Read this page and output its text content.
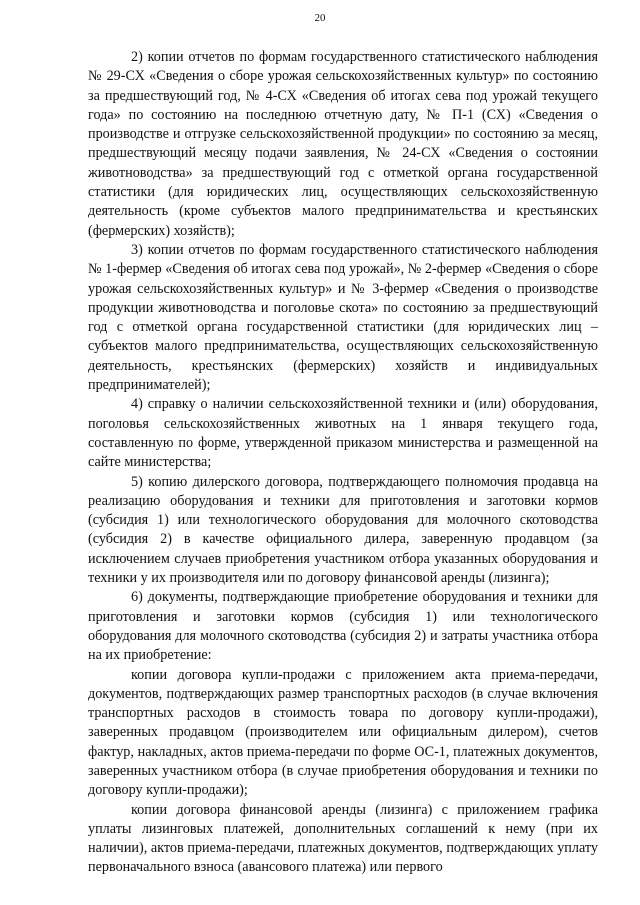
20

2) копии отчетов по формам государственного статистического наблюдения № 29-СХ «Сведения о сборе урожая сельскохозяйственных культур» по состоянию за предшествующий год, № 4-СХ «Сведения об итогах сева под урожай текущего года» по состоянию на последнюю отчетную дату, № П-1 (СХ) «Сведения о производстве и отгрузке сельскохозяйственной продукции» по состоянию за месяц, предшествующий месяцу подачи заявления, № 24-СХ «Сведения о состоянии животноводства» за предшествующий год с отметкой органа государственной статистики (для юридических лиц, осуществляющих сельскохозяйственную деятельность (кроме субъектов малого предпринимательства и крестьянских (фермерских) хозяйств);

3) копии отчетов по формам государственного статистического наблюдения № 1-фермер «Сведения об итогах сева под урожай», № 2-фермер «Сведения о сборе урожая сельскохозяйственных культур» и № 3-фермер «Сведения о производстве продукции животноводства и поголовье скота» по состоянию за предшествующий год с отметкой органа государственной статистики (для юридических лиц – субъектов малого предпринимательства, осуществляющих сельскохозяйственную деятельность, крестьянских (фермерских) хозяйств и индивидуальных предпринимателей);

4) справку о наличии сельскохозяйственной техники и (или) оборудования, поголовья сельскохозяйственных животных на 1 января текущего года, составленную по форме, утвержденной приказом министерства и размещенной на сайте министерства;

5) копию дилерского договора, подтверждающего полномочия продавца на реализацию оборудования и техники для приготовления и заготовки кормов (субсидия 1) или технологического оборудования для молочного скотоводства (субсидия 2) в качестве официального дилера, заверенную продавцом (за исключением случаев приобретения участником отбора указанных оборудования и техники у их производителя или по договору финансовой аренды (лизинга);

6) документы, подтверждающие приобретение оборудования и техники для приготовления и заготовки кормов (субсидия 1) или технологического оборудования для молочного скотоводства (субсидия 2) и затраты участника отбора на их приобретение:

копии договора купли-продажи с приложением акта приема-передачи, документов, подтверждающих размер транспортных расходов (в случае включения транспортных расходов в стоимость товара по договору купли-продажи), заверенных продавцом (производителем или официальным дилером), счетов фактур, накладных, актов приема-передачи по форме ОС-1, платежных документов, заверенных участником отбора (в случае приобретения оборудования и техники по договору купли-продажи);

копии договора финансовой аренды (лизинга) с приложением графика уплаты лизинговых платежей, дополнительных соглашений к нему (при их наличии), актов приема-передачи, платежных документов, подтверждающих уплату первоначального взноса (авансового платежа) или первого
